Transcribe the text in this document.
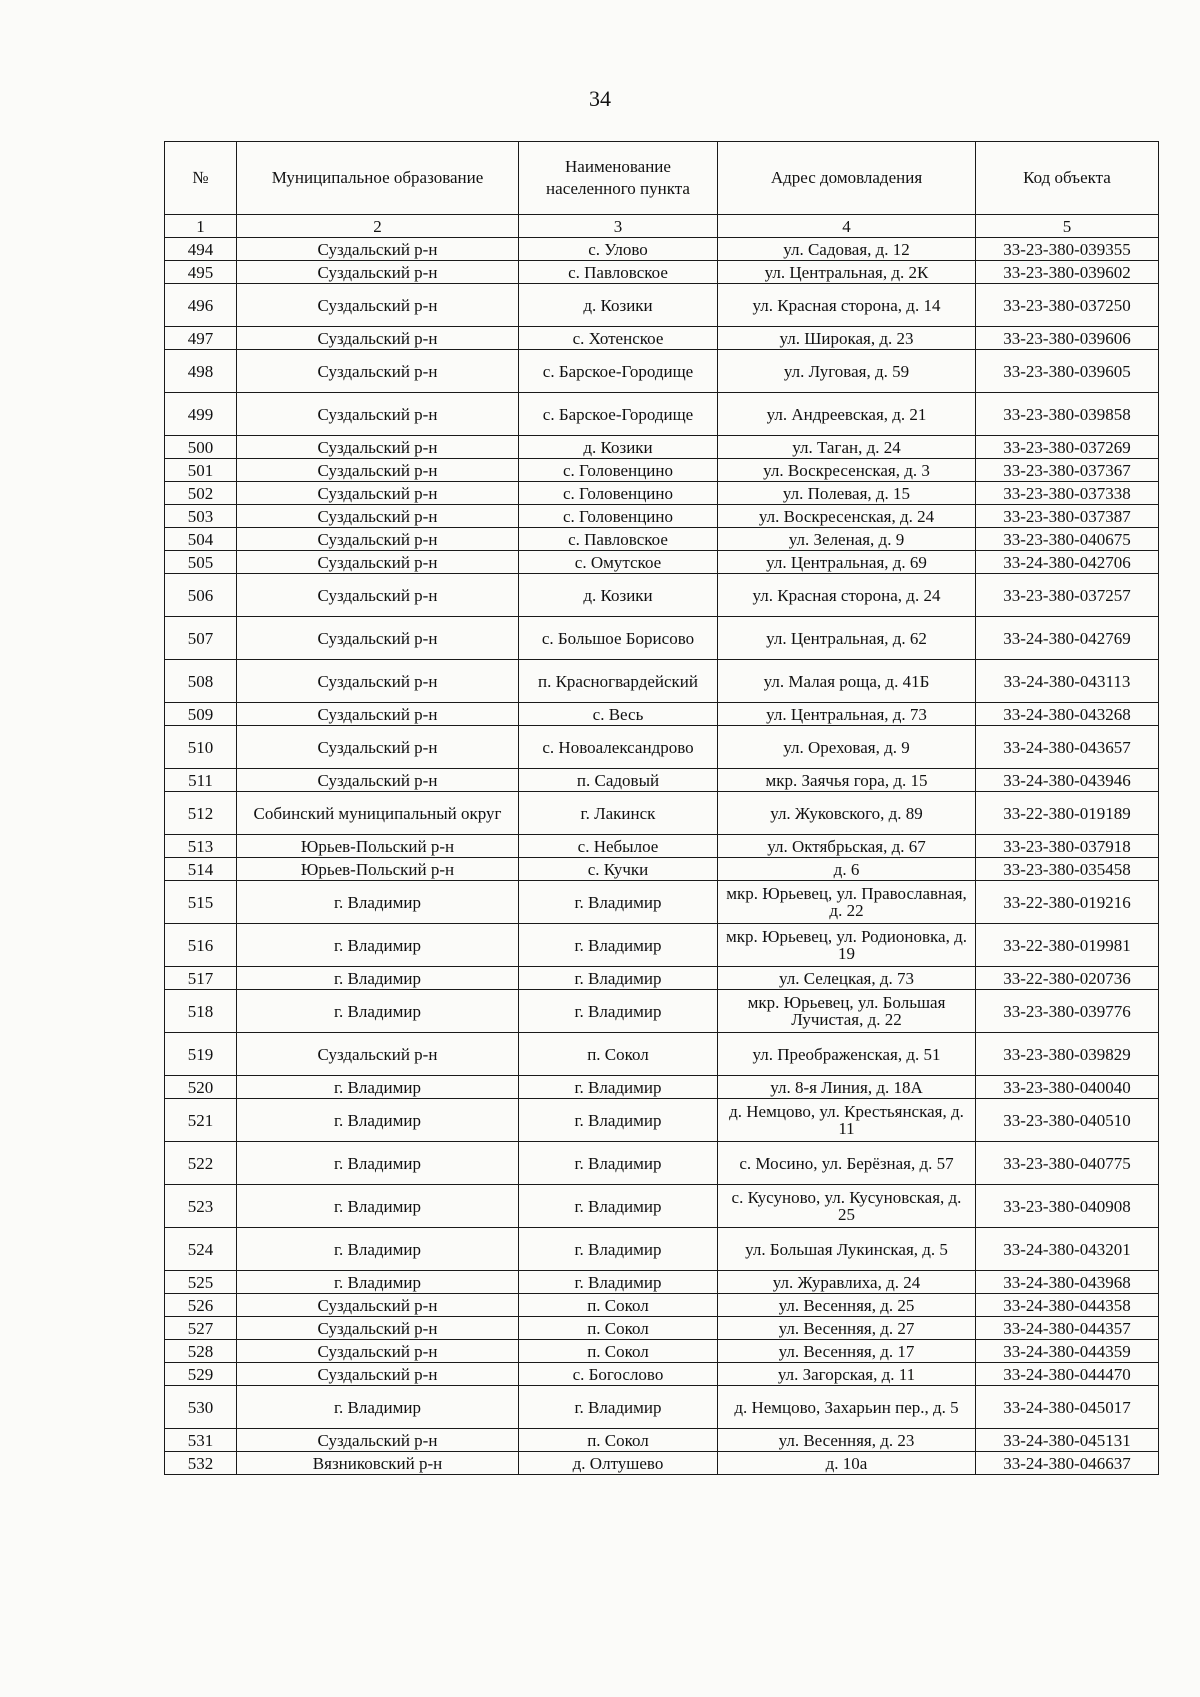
34
№	Муниципальное образование	Наименование населенного пункта	Адрес домовладения	Код объекта
1	2	3	4	5
494	Суздальский р-н	с. Улово	ул. Садовая, д. 12	33-23-380-039355
495	Суздальский р-н	с. Павловское	ул. Центральная, д. 2К	33-23-380-039602
496	Суздальский р-н	д. Козики	ул. Красная сторона, д. 14	33-23-380-037250
497	Суздальский р-н	с. Хотенское	ул. Широкая, д. 23	33-23-380-039606
498	Суздальский р-н	с. Барское-Городище	ул. Луговая, д. 59	33-23-380-039605
499	Суздальский р-н	с. Барское-Городище	ул. Андреевская, д. 21	33-23-380-039858
500	Суздальский р-н	д. Козики	ул. Таган, д. 24	33-23-380-037269
501	Суздальский р-н	с. Головенцино	ул. Воскресенская, д. 3	33-23-380-037367
502	Суздальский р-н	с. Головенцино	ул. Полевая, д. 15	33-23-380-037338
503	Суздальский р-н	с. Головенцино	ул. Воскресенская, д. 24	33-23-380-037387
504	Суздальский р-н	с. Павловское	ул. Зеленая, д. 9	33-23-380-040675
505	Суздальский р-н	с. Омутское	ул. Центральная, д. 69	33-24-380-042706
506	Суздальский р-н	д. Козики	ул. Красная сторона, д. 24	33-23-380-037257
507	Суздальский р-н	с. Большое Борисово	ул. Центральная, д. 62	33-24-380-042769
508	Суздальский р-н	п. Красногвардейский	ул. Малая роща, д. 41Б	33-24-380-043113
509	Суздальский р-н	с. Весь	ул. Центральная, д. 73	33-24-380-043268
510	Суздальский р-н	с. Новоалександрово	ул. Ореховая, д. 9	33-24-380-043657
511	Суздальский р-н	п. Садовый	мкр. Заячья гора, д. 15	33-24-380-043946
512	Собинский муниципальный округ	г. Лакинск	ул. Жуковского, д. 89	33-22-380-019189
513	Юрьев-Польский р-н	с. Небылое	ул. Октябрьская, д. 67	33-23-380-037918
514	Юрьев-Польский р-н	с. Кучки	д. 6	33-23-380-035458
515	г. Владимир	г. Владимир	мкр. Юрьевец, ул. Православная, д. 22	33-22-380-019216
516	г. Владимир	г. Владимир	мкр. Юрьевец, ул. Родионовка, д. 19	33-22-380-019981
517	г. Владимир	г. Владимир	ул. Селецкая, д. 73	33-22-380-020736
518	г. Владимир	г. Владимир	мкр. Юрьевец, ул. Большая Лучистая, д. 22	33-23-380-039776
519	Суздальский р-н	п. Сокол	ул. Преображенская, д. 51	33-23-380-039829
520	г. Владимир	г. Владимир	ул. 8-я Линия, д. 18А	33-23-380-040040
521	г. Владимир	г. Владимир	д. Немцово, ул. Крестьянская, д. 11	33-23-380-040510
522	г. Владимир	г. Владимир	с. Мосино, ул. Берёзная, д. 57	33-23-380-040775
523	г. Владимир	г. Владимир	с. Кусуново, ул. Кусуновская, д. 25	33-23-380-040908
524	г. Владимир	г. Владимир	ул. Большая Лукинская, д. 5	33-24-380-043201
525	г. Владимир	г. Владимир	ул. Журавлиха, д. 24	33-24-380-043968
526	Суздальский р-н	п. Сокол	ул. Весенняя, д. 25	33-24-380-044358
527	Суздальский р-н	п. Сокол	ул. Весенняя, д. 27	33-24-380-044357
528	Суздальский р-н	п. Сокол	ул. Весенняя, д. 17	33-24-380-044359
529	Суздальский р-н	с. Богослово	ул. Загорская, д. 11	33-24-380-044470
530	г. Владимир	г. Владимир	д. Немцово, Захарьин пер., д. 5	33-24-380-045017
531	Суздальский р-н	п. Сокол	ул. Весенняя, д. 23	33-24-380-045131
532	Вязниковский р-н	д. Олтушево	д. 10а	33-24-380-046637
